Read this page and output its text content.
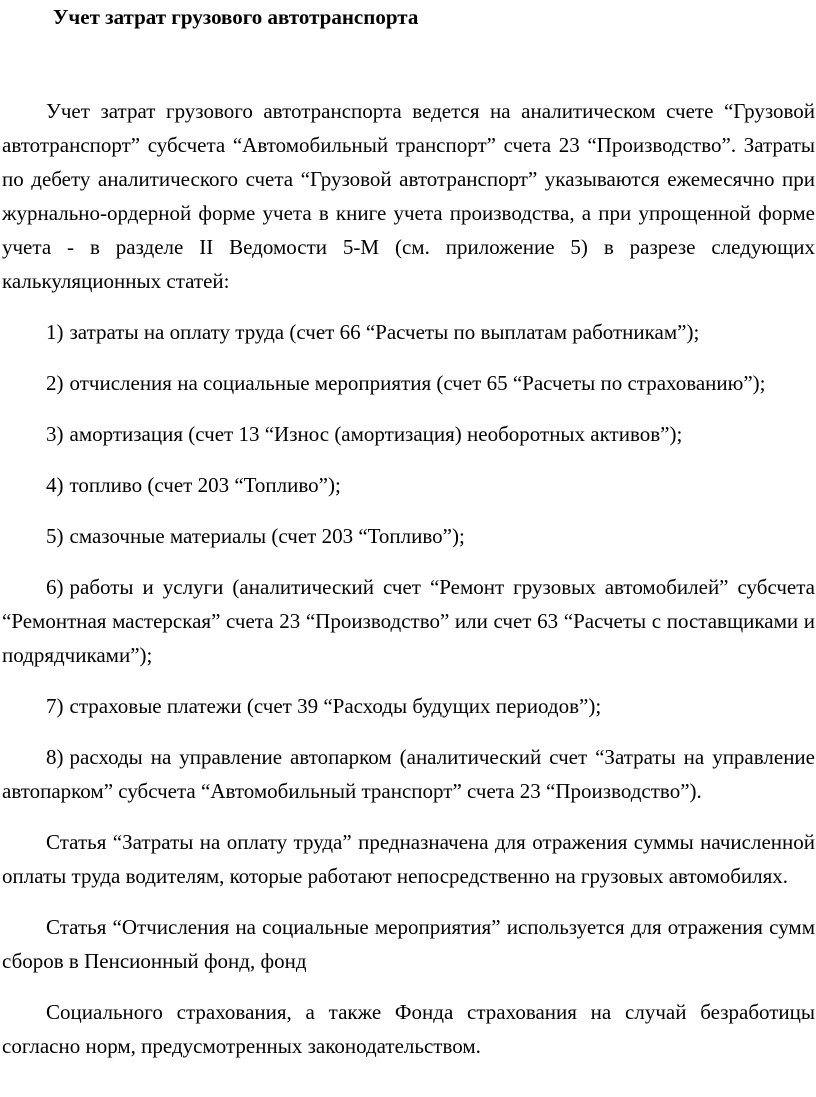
Учет затрат грузового автотранспорта

Учет затрат грузового автотранспорта ведется на аналитическом счете “Грузовой автотранспорт” субсчета “Автомобильный транспорт” счета 23 “Производство”. Затраты по дебету аналитического счета “Грузовой автотранспорт” указываются ежемесячно при журнально-ордерной форме учета в книге учета производства, а при упрощенной форме учета - в разделе II Ведомости 5-М (см. приложение 5) в разрезе следующих калькуляционных статей:

1) затраты на оплату труда (счет 66 “Расчеты по выплатам работникам”);

2) отчисления на социальные мероприятия (счет 65 “Расчеты по страхованию”);

3) амортизация (счет 13 “Износ (амортизация) необоротных активов”);

4) топливо (счет 203 “Топливо”);

5) смазочные материалы (счет 203 “Топливо”);

6) работы и услуги (аналитический счет “Ремонт грузовых автомобилей” субсчета “Ремонтная мастерская” счета 23 “Производство” или счет 63 “Расчеты с поставщиками и подрядчиками”);

7) страховые платежи (счет 39 “Расходы будущих периодов”);

8) расходы на управление автопарком (аналитический счет “Затраты на управление автопарком” субсчета “Автомобильный транспорт” счета 23 “Производство”).

Статья “Затраты на оплату труда” предназначена для отражения суммы начисленной оплаты труда водителям, которые работают непосредственно на грузовых автомобилях.

Статья “Отчисления на социальные мероприятия” используется для отражения сумм сборов в Пенсионный фонд, фонд

Социального страхования, а также Фонда страхования на случай безработицы согласно норм, предусмотренных законодательством.
